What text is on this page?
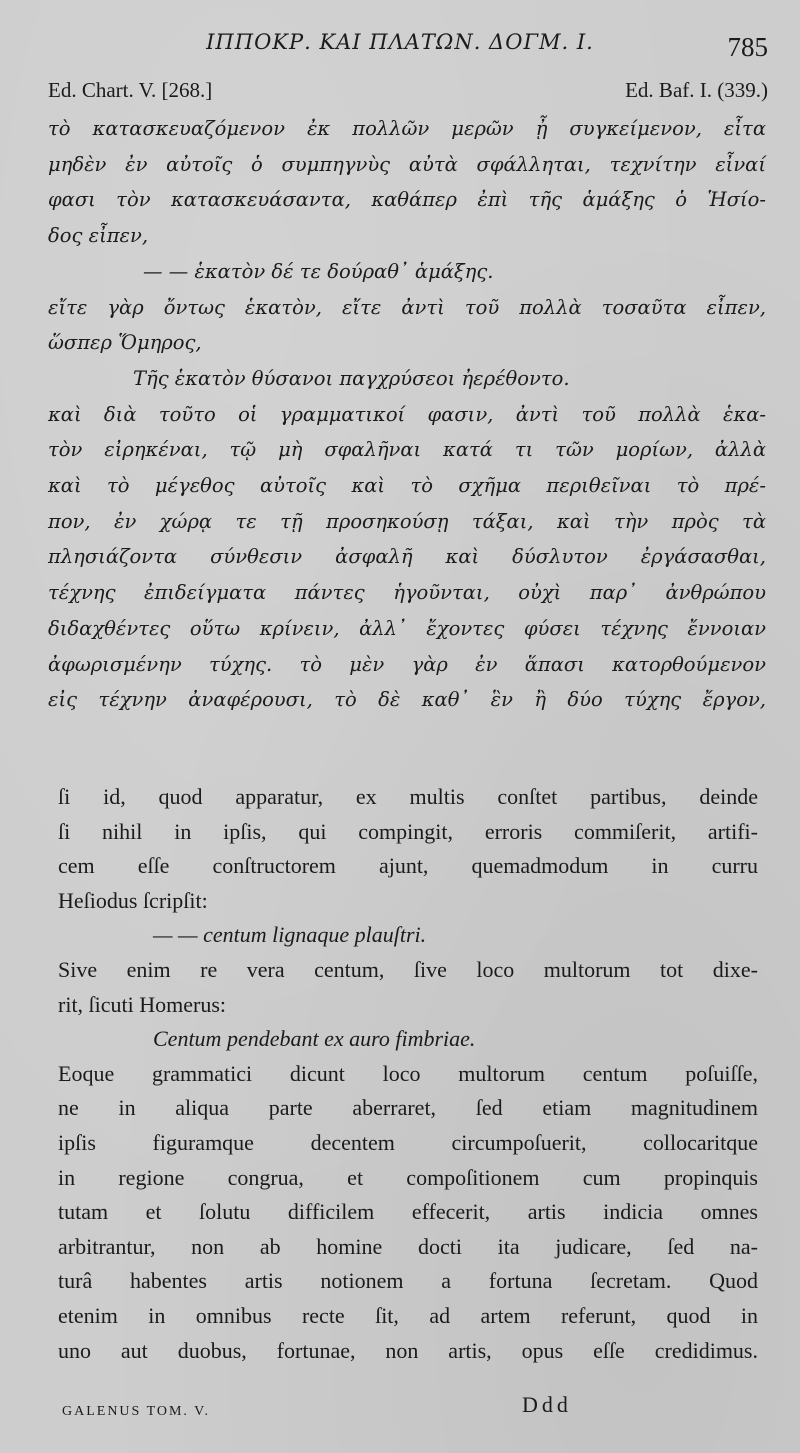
ΙΠΠΟΚΡ. ΚΑΙ ΠΛΑΤΩΝ. ΔΟΓΜ. Ι.	785
Ed. Chart. V. [268.]	Ed. Baf. I. (339.)
τὸ κατασκευαζόμενον ἐκ πολλῶν μερῶν ᾖ συγκείμενον, εἶτα
μηδὲν ἐν αὐτοῖς ὁ συμπηγνὺς αὐτὰ σφάλληται, τεχνίτην εἶναί
φασι τὸν κατασκευάσαντα, καθάπερ ἐπὶ τῆς ἁμάξης ὁ Ἡσίο-
δος εἶπεν,
— — ἑκατὸν δέ τε δούραθ᾽ ἁμάξης.
εἴτε γὰρ ὄντως ἑκατὸν, εἴτε ἀντὶ τοῦ πολλὰ τοσαῦτα εἶπεν,
ὥσπερ Ὅμηρος,
Τῆς ἑκατὸν θύσανοι παγχρύσεοι ἠερέθοντο.
καὶ διὰ τοῦτο οἱ γραμματικοί φασιν, ἀντὶ τοῦ πολλὰ ἑκα-
τὸν εἰρηκέναι, τῷ μὴ σφαλῆναι κατά τι τῶν μορίων, ἀλλὰ
καὶ τὸ μέγεθος αὐτοῖς καὶ τὸ σχῆμα περιθεῖναι τὸ πρέ-
πον, ἐν χώρᾳ τε τῇ προσηκούσῃ τάξαι, καὶ τὴν πρὸς τὰ
πλησιάζοντα σύνθεσιν ἀσφαλῆ καὶ δύσλυτον ἐργάσασθαι,
τέχνης ἐπιδείγματα πάντες ἡγοῦνται, οὐχὶ παρ᾽ ἀνθρώπου
διδαχθέντες οὕτω κρίνειν, ἀλλ᾽ ἔχοντες φύσει τέχνης ἔννοιαν
ἀφωρισμένην τύχης. τὸ μὲν γὰρ ἐν ἅπασι κατορθούμενον
εἰς τέχνην ἀναφέρουσι, τὸ δὲ καθ᾽ ἓν ἢ δύο τύχης ἔργον,
ſi id, quod apparatur, ex multis conſtet partibus, deinde
ſi nihil in ipſis, qui compingit, erroris commiſerit, artifi-
cem eſſe conſtructorem ajunt, quemadmodum in curru
Heſiodus ſcripſit:
— — centum lignaque plauſtri.
Sive enim re vera centum, ſive loco multorum tot dixe-
rit, ſicuti Homerus:
Centum pendebant ex auro fimbriae.
Eoque grammatici dicunt loco multorum centum poſuiſſe,
ne in aliqua parte aberraret, ſed etiam magnitudinem
ipſis figuramque decentem circumpoſuerit, collocaritque
in regione congrua, et compoſitionem cum propinquis
tutam et ſolutu difficilem effecerit, artis indicia omnes
arbitrantur, non ab homine docti ita judicare, ſed na-
turâ habentes artis notionem a fortuna ſecretam. Quod
etenim in omnibus recte ſit, ad artem referunt, quod in
uno aut duobus, fortunae, non artis, opus eſſe credidimus.
GALENUS TOM. V.	Ddd
